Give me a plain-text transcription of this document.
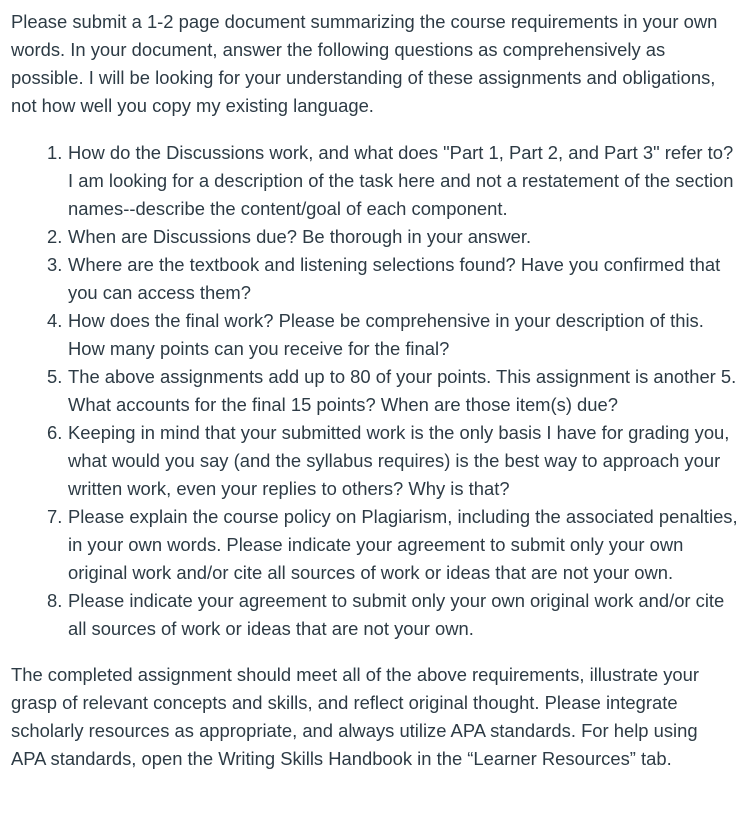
Please submit a 1-2 page document summarizing the course requirements in your own words. In your document, answer the following questions as comprehensively as possible. I will be looking for your understanding of these assignments and obligations, not how well you copy my existing language.

1. How do the Discussions work, and what does "Part 1, Part 2, and Part 3" refer to? I am looking for a description of the task here and not a restatement of the section names--describe the content/goal of each component.
2. When are Discussions due? Be thorough in your answer.
3. Where are the textbook and listening selections found? Have you confirmed that you can access them?
4. How does the final work? Please be comprehensive in your description of this. How many points can you receive for the final?
5. The above assignments add up to 80 of your points. This assignment is another 5. What accounts for the final 15 points? When are those item(s) due?
6. Keeping in mind that your submitted work is the only basis I have for grading you, what would you say (and the syllabus requires) is the best way to approach your written work, even your replies to others? Why is that?
7. Please explain the course policy on Plagiarism, including the associated penalties, in your own words. Please indicate your agreement to submit only your own original work and/or cite all sources of work or ideas that are not your own.
8. Please indicate your agreement to submit only your own original work and/or cite all sources of work or ideas that are not your own.

The completed assignment should meet all of the above requirements, illustrate your grasp of relevant concepts and skills, and reflect original thought. Please integrate scholarly resources as appropriate, and always utilize APA standards. For help using APA standards, open the Writing Skills Handbook in the “Learner Resources” tab.
